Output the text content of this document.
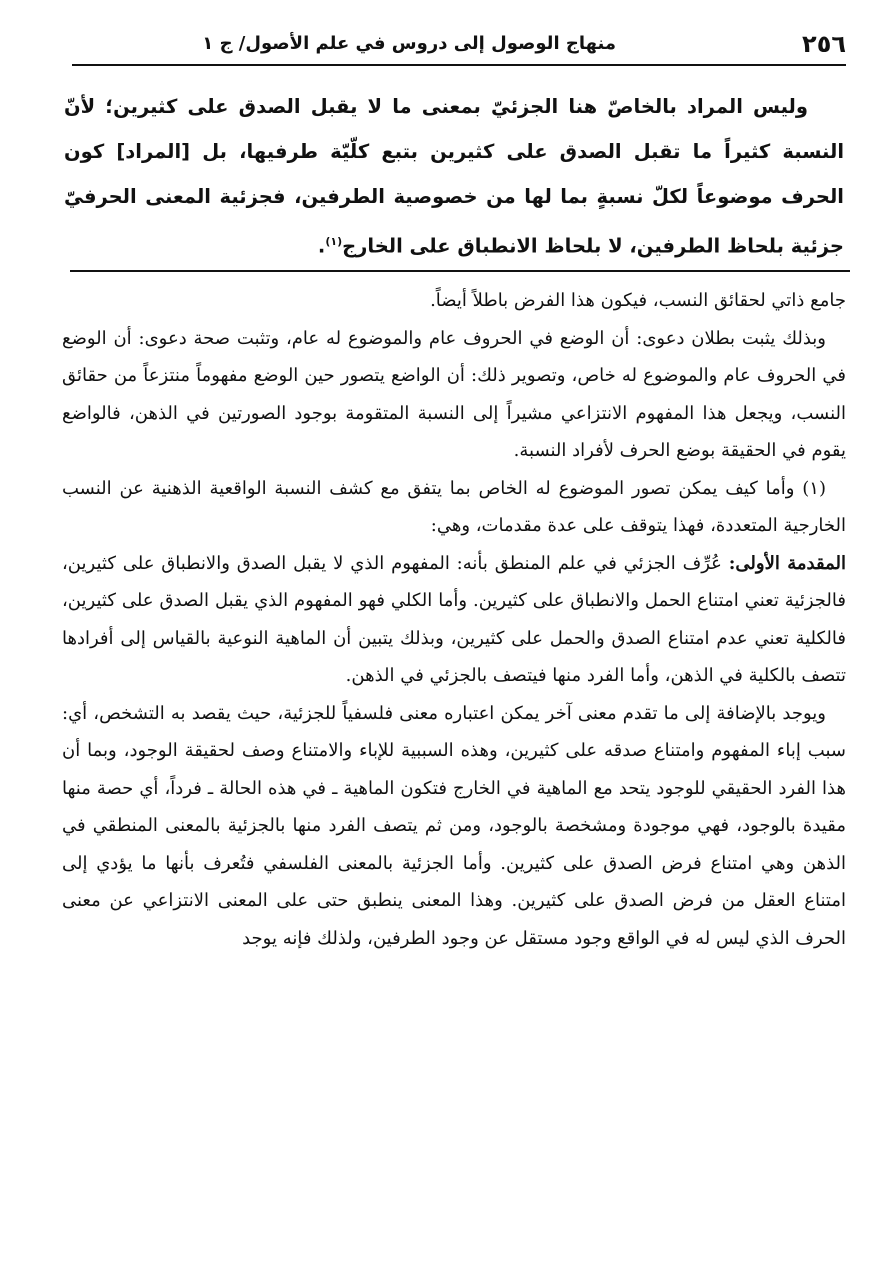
٢٥٦
منهاج الوصول إلى دروس في علم الأصول/ ج ١

وليس المراد بالخاصّ هنا الجزئيّ بمعنى ما لا يقبل الصدق على كثيرين؛ لأنّ النسبة كثيراً ما تقبل الصدق على كثيرين بتبع كلّيّة طرفيها، بل [المراد] كون الحرف موضوعاً لكلّ نسبةٍ بما لها من خصوصية الطرفين، فجزئية المعنى الحرفيّ جزئية بلحاظ الطرفين، لا بلحاظ الانطباق على الخارج$^{(١)}$.

جامع ذاتي لحقائق النسب، فيكون هذا الفرض باطلاً أيضاً.

وبذلك يثبت بطلان دعوى: أن الوضع في الحروف عام والموضوع له عام، وتثبت صحة دعوى: أن الوضع في الحروف عام والموضوع له خاص، وتصوير ذلك: أن الواضع يتصور حين الوضع مفهوماً منتزعاً من حقائق النسب، ويجعل هذا المفهوم الانتزاعي مشيراً إلى النسبة المتقومة بوجود الصورتين في الذهن، فالواضع يقوم في الحقيقة بوضع الحرف لأفراد النسبة.

(١) وأما كيف يمكن تصور الموضوع له الخاص بما يتفق مع كشف النسبة الواقعية الذهنية عن النسب الخارجية المتعددة، فهذا يتوقف على عدة مقدمات، وهي:

المقدمة الأولى: عُرِّف الجزئي في علم المنطق بأنه: المفهوم الذي لا يقبل الصدق والانطباق على كثيرين، فالجزئية تعني امتناع الحمل والانطباق على كثيرين. وأما الكلي فهو المفهوم الذي يقبل الصدق على كثيرين، فالكلية تعني عدم امتناع الصدق والحمل على كثيرين، وبذلك يتبين أن الماهية النوعية بالقياس إلى أفرادها تتصف بالكلية في الذهن، وأما الفرد منها فيتصف بالجزئي في الذهن.

ويوجد بالإضافة إلى ما تقدم معنى آخر يمكن اعتباره معنى فلسفياً للجزئية، حيث يقصد به التشخص، أي: سبب إباء المفهوم وامتناع صدقه على كثيرين، وهذه السببية للإباء والامتناع وصف لحقيقة الوجود، وبما أن هذا الفرد الحقيقي للوجود يتحد مع الماهية في الخارج فتكون الماهية ـ في هذه الحالة ـ فرداً، أي حصة منها مقيدة بالوجود، فهي موجودة ومشخصة بالوجود، ومن ثم يتصف الفرد منها بالجزئية بالمعنى المنطقي في الذهن وهي امتناع فرض الصدق على كثيرين. وأما الجزئية بالمعنى الفلسفي فتُعرف بأنها ما يؤدي إلى امتناع العقل من فرض الصدق على كثيرين. وهذا المعنى ينطبق حتى على المعنى الانتزاعي عن معنى الحرف الذي ليس له في الواقع وجود مستقل عن وجود الطرفين، ولذلك فإنه يوجد
